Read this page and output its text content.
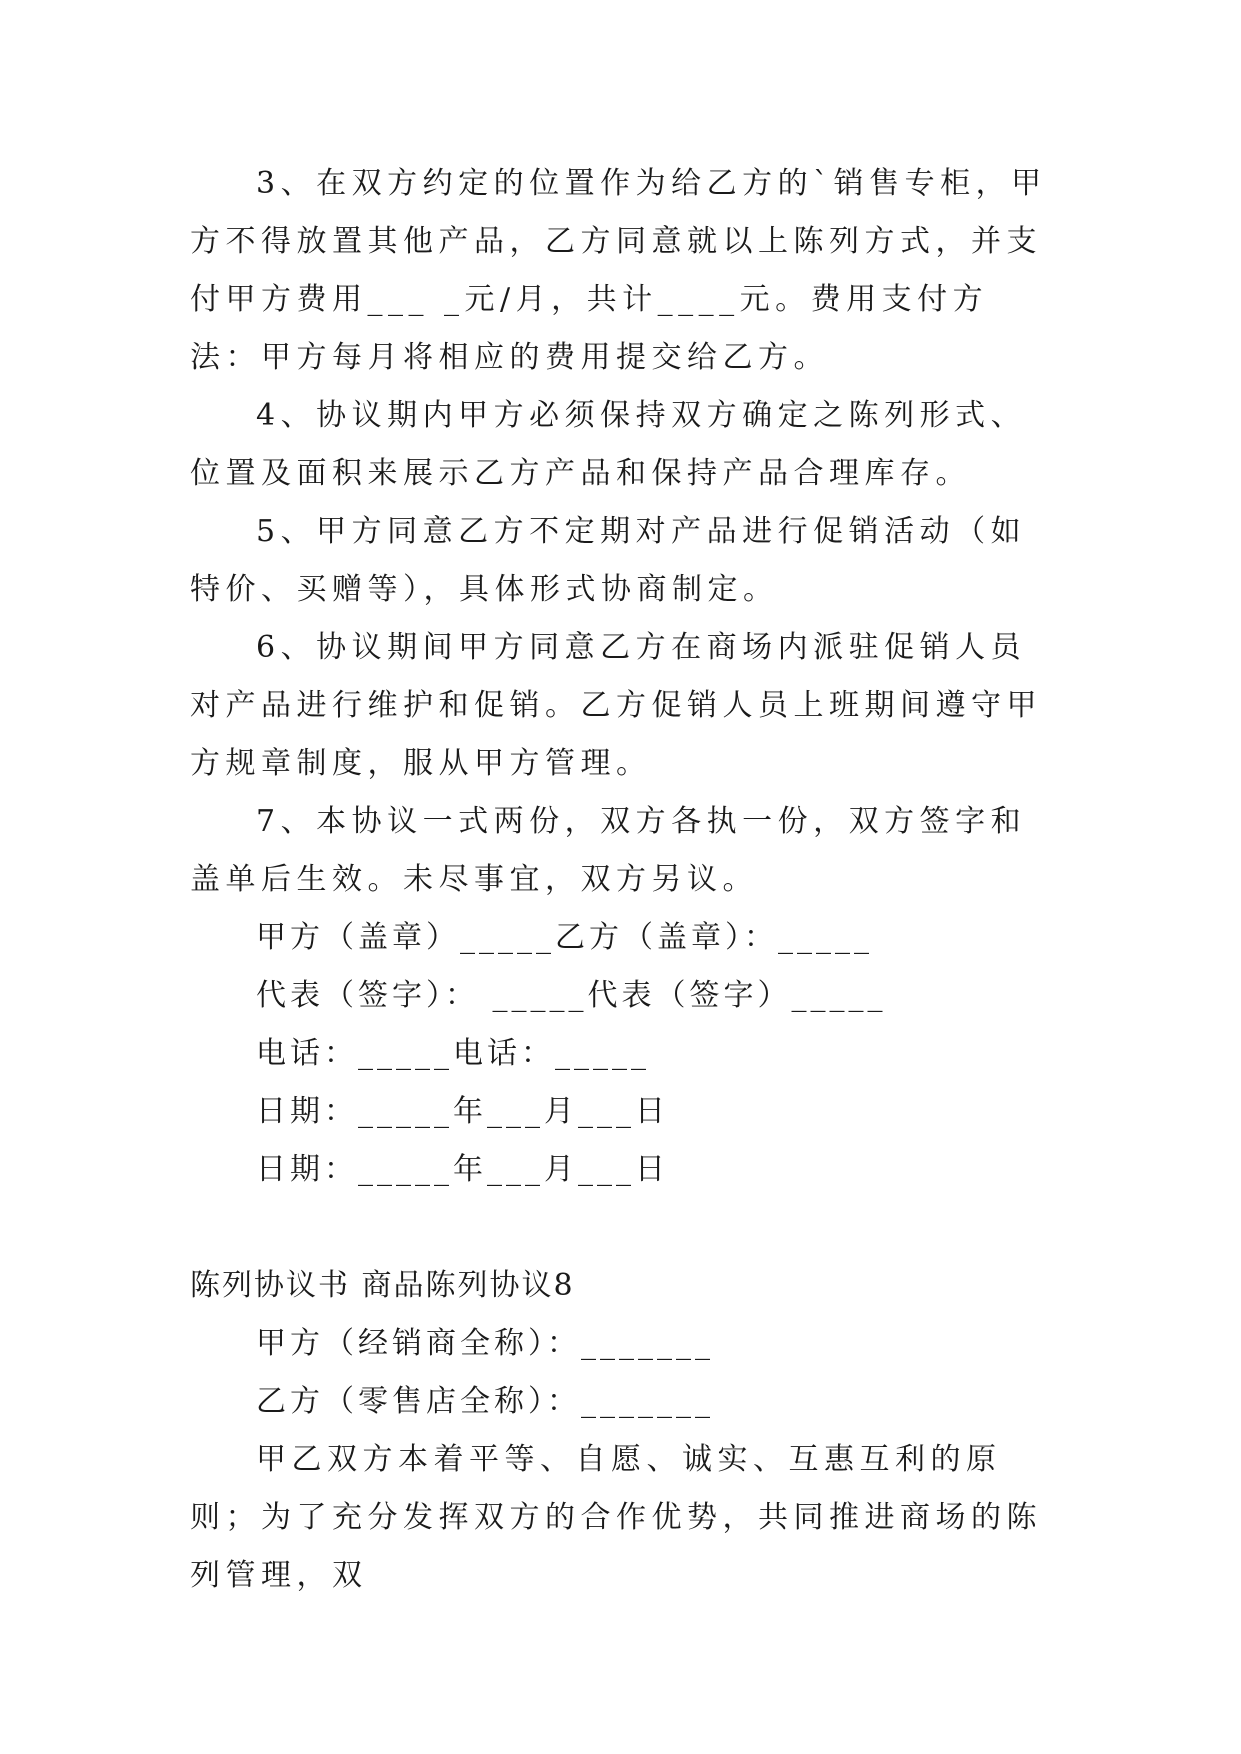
3、在双方约定的位置作为给乙方的`销售专柜，甲方不得放置其他产品，乙方同意就以上陈列方式，并支付甲方费用___ _元/月，共计____元。费用支付方法：甲方每月将相应的费用提交给乙方。

4、协议期内甲方必须保持双方确定之陈列形式、位置及面积来展示乙方产品和保持产品合理库存。

5、甲方同意乙方不定期对产品进行促销活动（如特价、买赠等），具体形式协商制定。

6、协议期间甲方同意乙方在商场内派驻促销人员对产品进行维护和促销。乙方促销人员上班期间遵守甲方规章制度，服从甲方管理。

7、本协议一式两份，双方各执一份，双方签字和盖单后生效。未尽事宜，双方另议。

甲方（盖章）_____乙方（盖章）：_____

代表（签字）： _____代表（签字）_____

电话：_____电话：_____

日期：_____年___月___日

日期：_____年___月___日

陈列协议书 商品陈列协议8

甲方（经销商全称）：_______

乙方（零售店全称）：_______

甲乙双方本着平等、自愿、诚实、互惠互利的原则；为了充分发挥双方的合作优势，共同推进商场的陈列管理，双
